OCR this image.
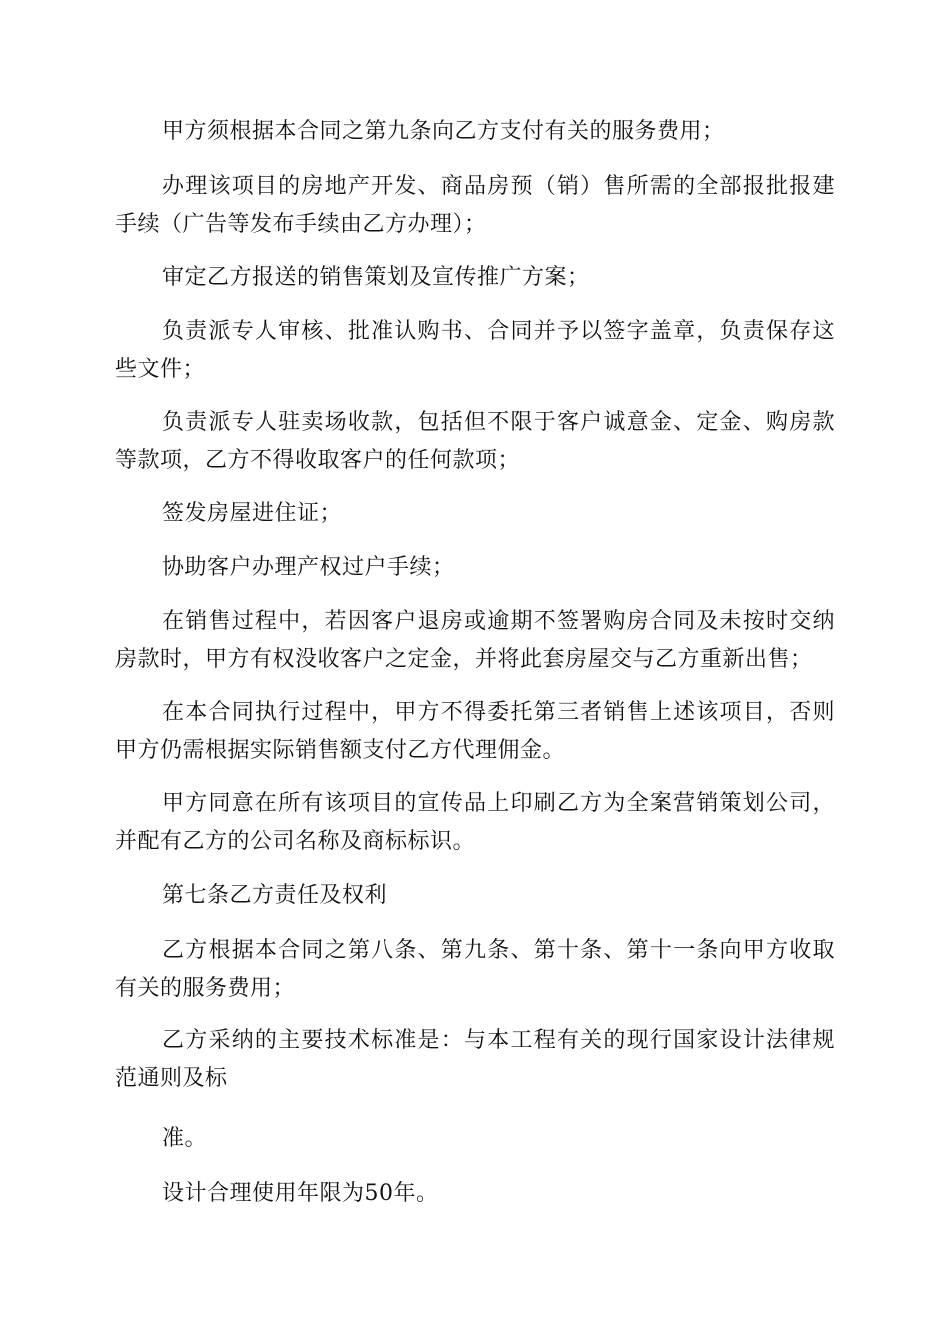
甲方须根据本合同之第九条向乙方支付有关的服务费用；

办理该项目的房地产开发、商品房预（销）售所需的全部报批报建手续（广告等发布手续由乙方办理）；

审定乙方报送的销售策划及宣传推广方案；

负责派专人审核、批准认购书、合同并予以签字盖章，负责保存这些文件；

负责派专人驻卖场收款，包括但不限于客户诚意金、定金、购房款等款项，乙方不得收取客户的任何款项；

签发房屋进住证；

协助客户办理产权过户手续；

在销售过程中，若因客户退房或逾期不签署购房合同及未按时交纳房款时，甲方有权没收客户之定金，并将此套房屋交与乙方重新出售；

在本合同执行过程中，甲方不得委托第三者销售上述该项目，否则甲方仍需根据实际销售额支付乙方代理佣金。

甲方同意在所有该项目的宣传品上印刷乙方为全案营销策划公司，并配有乙方的公司名称及商标标识。

第七条乙方责任及权利

乙方根据本合同之第八条、第九条、第十条、第十一条向甲方收取有关的服务费用；

乙方采纳的主要技术标准是：与本工程有关的现行国家设计法律规范通则及标

准。

设计合理使用年限为50年。
